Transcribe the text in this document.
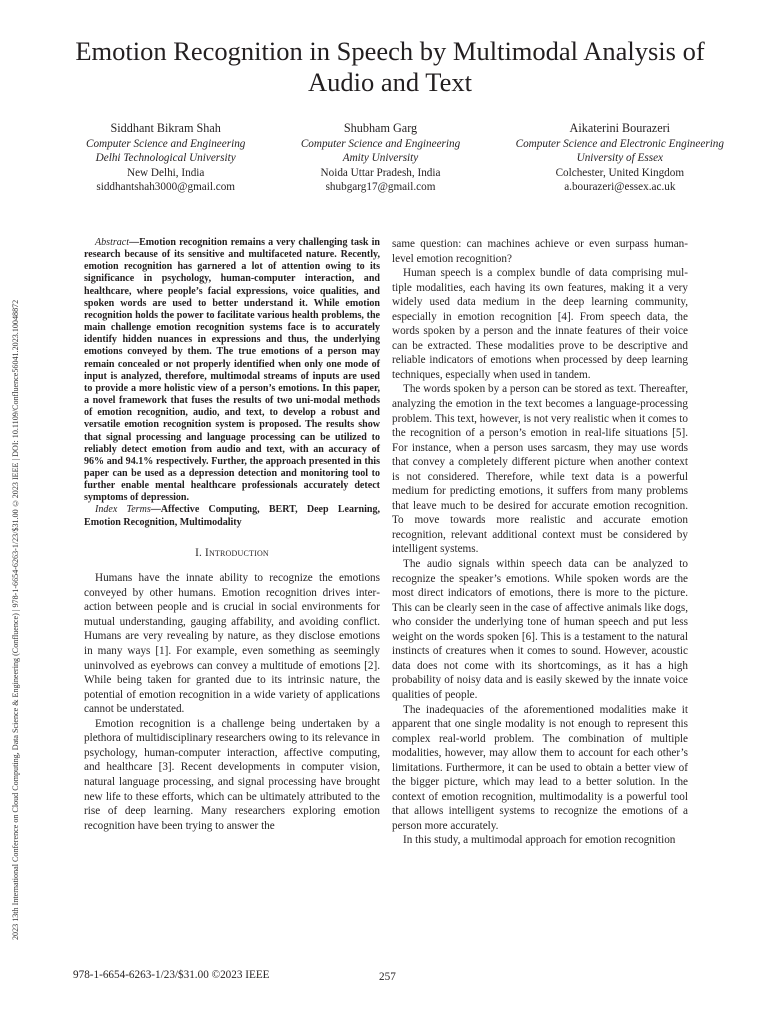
2023 13th International Conference on Cloud Computing, Data Science & Engineering (Confluence) | 978-1-6654-6263-1/23/$31.00 ©2023 IEEE | DOI: 10.1109/Confluence56041.2023.10048872
Emotion Recognition in Speech by Multimodal Analysis of Audio and Text
Siddhant Bikram Shah
Computer Science and Engineering
Delhi Technological University
New Delhi, India
siddhantshah3000@gmail.com
Shubham Garg
Computer Science and Engineering
Amity University
Noida Uttar Pradesh, India
shubgarg17@gmail.com
Aikaterini Bourazeri
Computer Science and Electronic Engineering
University of Essex
Colchester, United Kingdom
a.bourazeri@essex.ac.uk

Abstract—Emotion recognition remains a very challenging task in research because of its sensitive and multifaceted nature. Recently, emotion recognition has garnered a lot of attention owing to its significance in psychology, human-computer interaction, and healthcare, where people’s facial expressions, voice qualities, and spoken words are used to better understand it. While emotion recognition holds the power to facilitate various health problems, the main challenge emotion recognition systems face is to accurately identify hidden nuances in expressions and thus, the underlying emotions conveyed by them. The true emotions of a person may remain concealed or not properly identified when only one mode of input is analyzed, therefore, multimodal streams of inputs are used to provide a more holistic view of a person’s emotions. In this paper, a novel framework that fuses the results of two uni-modal methods of emotion recognition, audio, and text, to develop a robust and versatile emotion recognition system is proposed. The results show that signal processing and language processing can be utilized to reliably detect emotion from audio and text, with an accuracy of 96% and 94.1% respectively. Further, the approach presented in this paper can be used as a depression detection and monitoring tool to further enable mental healthcare professionals accurately detect symptoms of depression.

Index Terms—Affective Computing, BERT, Deep Learning, Emotion Recognition, Multimodality

I. Introduction

Humans have the innate ability to recognize the emotions conveyed by other humans. Emotion recognition drives interaction between people and is crucial in social environments for mutual understanding, gauging affability, and avoiding conflict. Humans are very revealing by nature, as they disclose emotions in many ways [1]. For example, even something as seemingly uninvolved as eyebrows can convey a multitude of emotions [2]. While being taken for granted due to its intrinsic nature, the potential of emotion recognition in a wide variety of applications cannot be understated.

Emotion recognition is a challenge being undertaken by a plethora of multidisciplinary researchers owing to its relevance in psychology, human-computer interaction, affective computing, and healthcare [3]. Recent developments in computer vision, natural language processing, and signal processing have brought new life to these efforts, which can be ultimately attributed to the rise of deep learning. Many researchers exploring emotion recognition have been trying to answer the

same question: can machines achieve or even surpass human-level emotion recognition?

Human speech is a complex bundle of data comprising multiple modalities, each having its own features, making it a very widely used data medium in the deep learning community, especially in emotion recognition [4]. From speech data, the words spoken by a person and the innate features of their voice can be extracted. These modalities prove to be descriptive and reliable indicators of emotions when processed by deep learning techniques, especially when used in tandem.

The words spoken by a person can be stored as text. Thereafter, analyzing the emotion in the text becomes a language-processing problem. This text, however, is not very realistic when it comes to the recognition of a person’s emotion in real-life situations [5]. For instance, when a person uses sarcasm, they may use words that convey a completely different picture when another context is not considered. Therefore, while text data is a powerful medium for predicting emotions, it suffers from many problems that leave much to be desired for accurate emotion recognition. To move towards more realistic and accurate emotion recognition, relevant additional context must be considered by intelligent systems.

The audio signals within speech data can be analyzed to recognize the speaker’s emotions. While spoken words are the most direct indicators of emotions, there is more to the picture. This can be clearly seen in the case of affective animals like dogs, who consider the underlying tone of human speech and put less weight on the words spoken [6]. This is a testament to the natural instincts of creatures when it comes to sound. However, acoustic data does not come with its shortcomings, as it has a high probability of noisy data and is easily skewed by the innate voice qualities of people.

The inadequacies of the aforementioned modalities make it apparent that one single modality is not enough to represent this complex real-world problem. The combination of multiple modalities, however, may allow them to account for each other’s limitations. Furthermore, it can be used to obtain a better view of the bigger picture, which may lead to a better solution. In the context of emotion recognition, multimodality is a powerful tool that allows intelligent systems to recognize the emotions of a person more accurately.

In this study, a multimodal approach for emotion recognition

978-1-6654-6263-1/23/$31.00 ©2023 IEEE	257
